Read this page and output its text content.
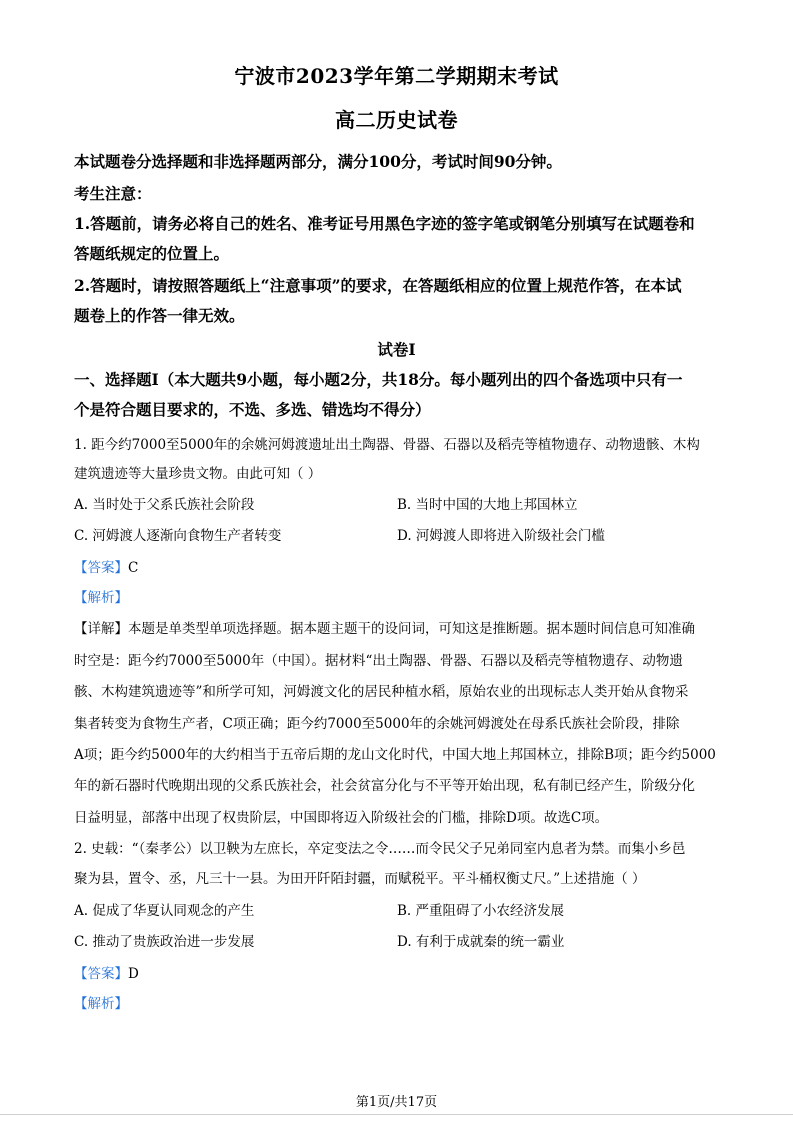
宁波市2023学年第二学期期末考试
高二历史试卷
本试题卷分选择题和非选择题两部分，满分100分，考试时间90分钟。
考生注意：
1.答题前，请务必将自己的姓名、准考证号用黑色字迹的签字笔或钢笔分别填写在试题卷和
答题纸规定的位置上。
2.答题时，请按照答题纸上“注意事项”的要求，在答题纸相应的位置上规范作答，在本试
题卷上的作答一律无效。
试卷Ⅰ
一、选择题Ⅰ（本大题共9小题，每小题2分，共18分。每小题列出的四个备选项中只有一
个是符合题目要求的，不选、多选、错选均不得分）
1. 距今约7000至5000年的余姚河姆渡遗址出土陶器、骨器、石器以及稻壳等植物遗存、动物遗骸、木构
建筑遗迹等大量珍贵文物。由此可知（ ）
A. 当时处于父系氏族社会阶段	B. 当时中国的大地上邦国林立
C. 河姆渡人逐渐向食物生产者转变	D. 河姆渡人即将进入阶级社会门槛
【答案】C
【解析】
【详解】本题是单类型单项选择题。据本题主题干的设问词，可知这是推断题。据本题时间信息可知准确
时空是：距今约7000至5000年（中国）。据材料“出土陶器、骨器、石器以及稻壳等植物遗存、动物遗
骸、木构建筑遗迹等”和所学可知，河姆渡文化的居民种植水稻，原始农业的出现标志人类开始从食物采
集者转变为食物生产者，C项正确；距今约7000至5000年的余姚河姆渡处在母系氏族社会阶段，排除
A项；距今约5000年的大约相当于五帝后期的龙山文化时代，中国大地上邦国林立，排除B项；距今约5000
年的新石器时代晚期出现的父系氏族社会，社会贫富分化与不平等开始出现，私有制已经产生，阶级分化
日益明显，部落中出现了权贵阶层，中国即将迈入阶级社会的门槛，排除D项。故选C项。
2. 史载：“（秦孝公）以卫鞅为左庶长，卒定变法之令……而令民父子兄弟同室内息者为禁。而集小乡邑
聚为县，置令、丞，凡三十一县。为田开阡陌封疆，而赋税平。平斗桶权衡丈尺。”上述措施（ ）
A. 促成了华夏认同观念的产生	B. 严重阻碍了小农经济发展
C. 推动了贵族政治进一步发展	D. 有利于成就秦的统一霸业
【答案】D
【解析】
第1页/共17页
